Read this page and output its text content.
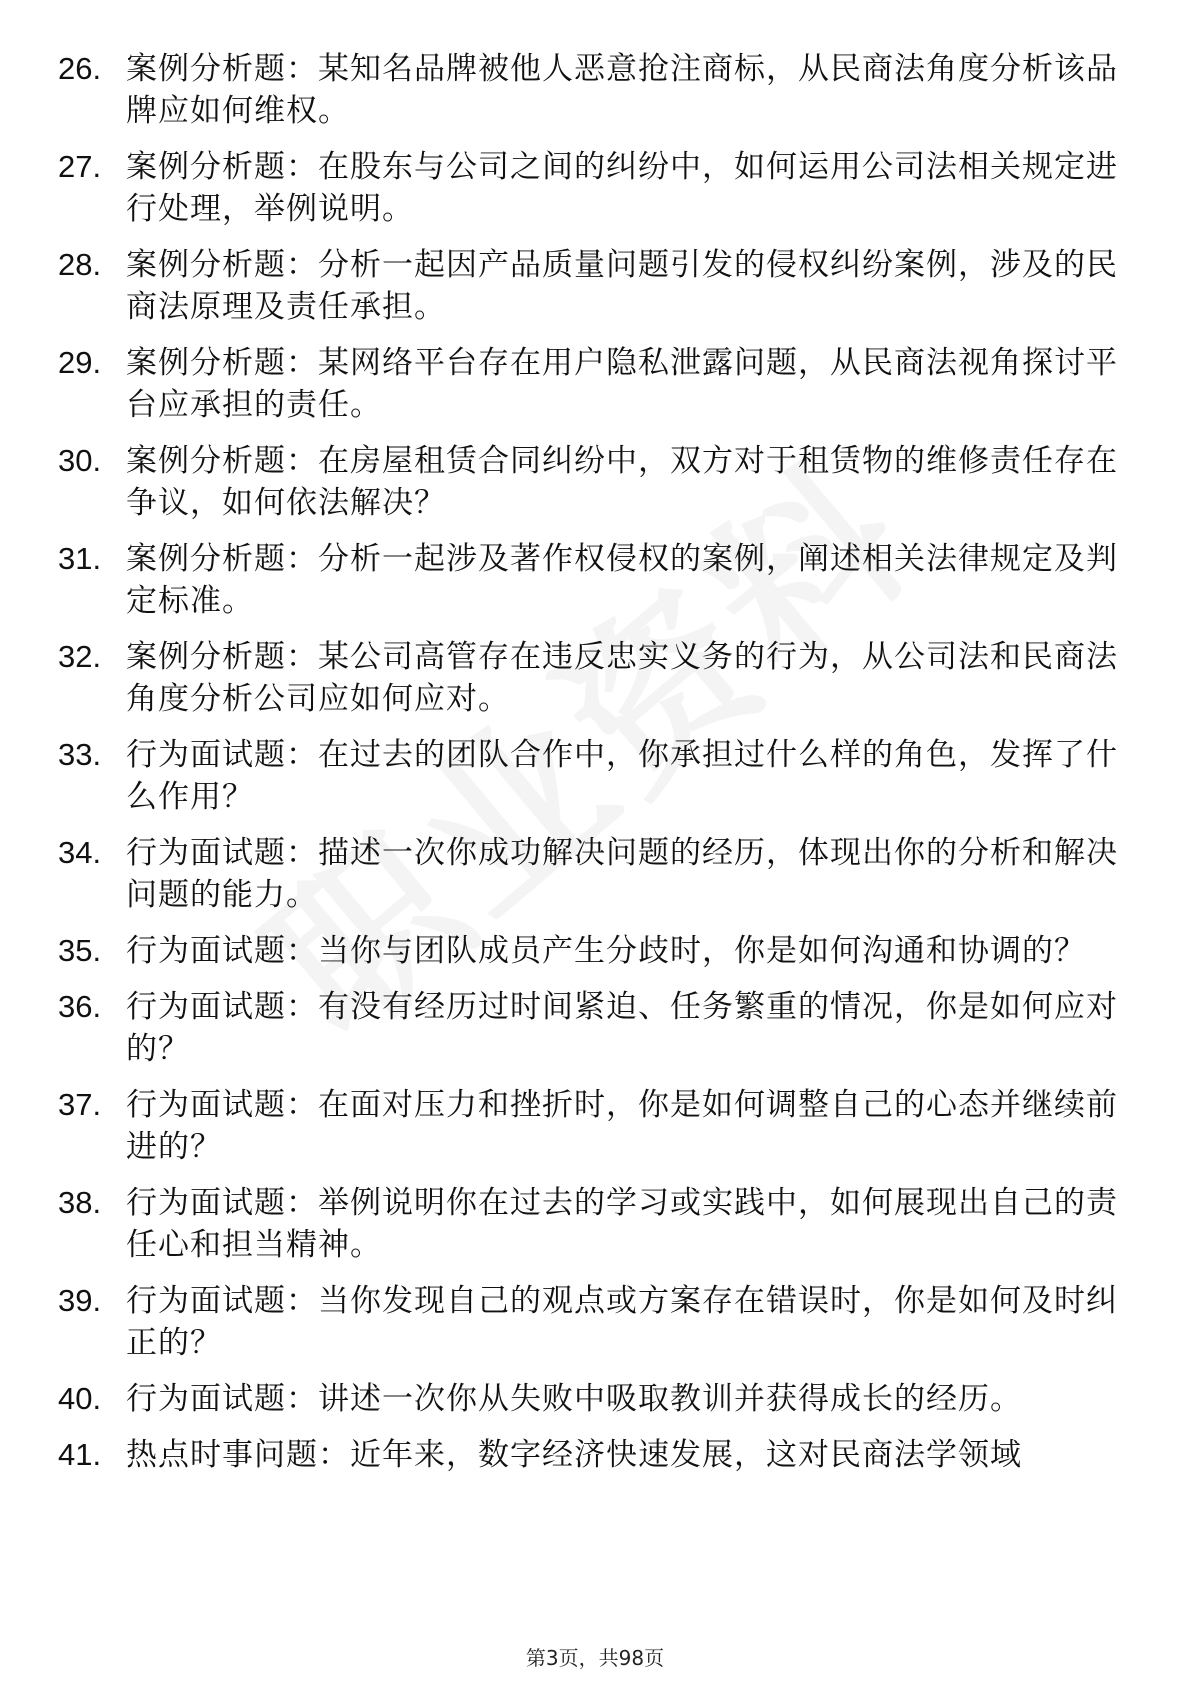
26. 案例分析题：某知名品牌被他人恶意抢注商标，从民商法角度分析该品牌应如何维权。
27. 案例分析题：在股东与公司之间的纠纷中，如何运用公司法相关规定进行处理，举例说明。
28. 案例分析题：分析一起因产品质量问题引发的侵权纠纷案例，涉及的民商法原理及责任承担。
29. 案例分析题：某网络平台存在用户隐私泄露问题，从民商法视角探讨平台应承担的责任。
30. 案例分析题：在房屋租赁合同纠纷中，双方对于租赁物的维修责任存在争议，如何依法解决？
31. 案例分析题：分析一起涉及著作权侵权的案例，阐述相关法律规定及判定标准。
32. 案例分析题：某公司高管存在违反忠实义务的行为，从公司法和民商法角度分析公司应如何应对。
33. 行为面试题：在过去的团队合作中，你承担过什么样的角色，发挥了什么作用？
34. 行为面试题：描述一次你成功解决问题的经历，体现出你的分析和解决问题的能力。
35. 行为面试题：当你与团队成员产生分歧时，你是如何沟通和协调的？
36. 行为面试题：有没有经历过时间紧迫、任务繁重的情况，你是如何应对的？
37. 行为面试题：在面对压力和挫折时，你是如何调整自己的心态并继续前进的？
38. 行为面试题：举例说明你在过去的学习或实践中，如何展现出自己的责任心和担当精神。
39. 行为面试题：当你发现自己的观点或方案存在错误时，你是如何及时纠正的？
40. 行为面试题：讲述一次你从失败中吸取教训并获得成长的经历。
41. 热点时事问题：近年来，数字经济快速发展，这对民商法学领域
第3页，共98页
